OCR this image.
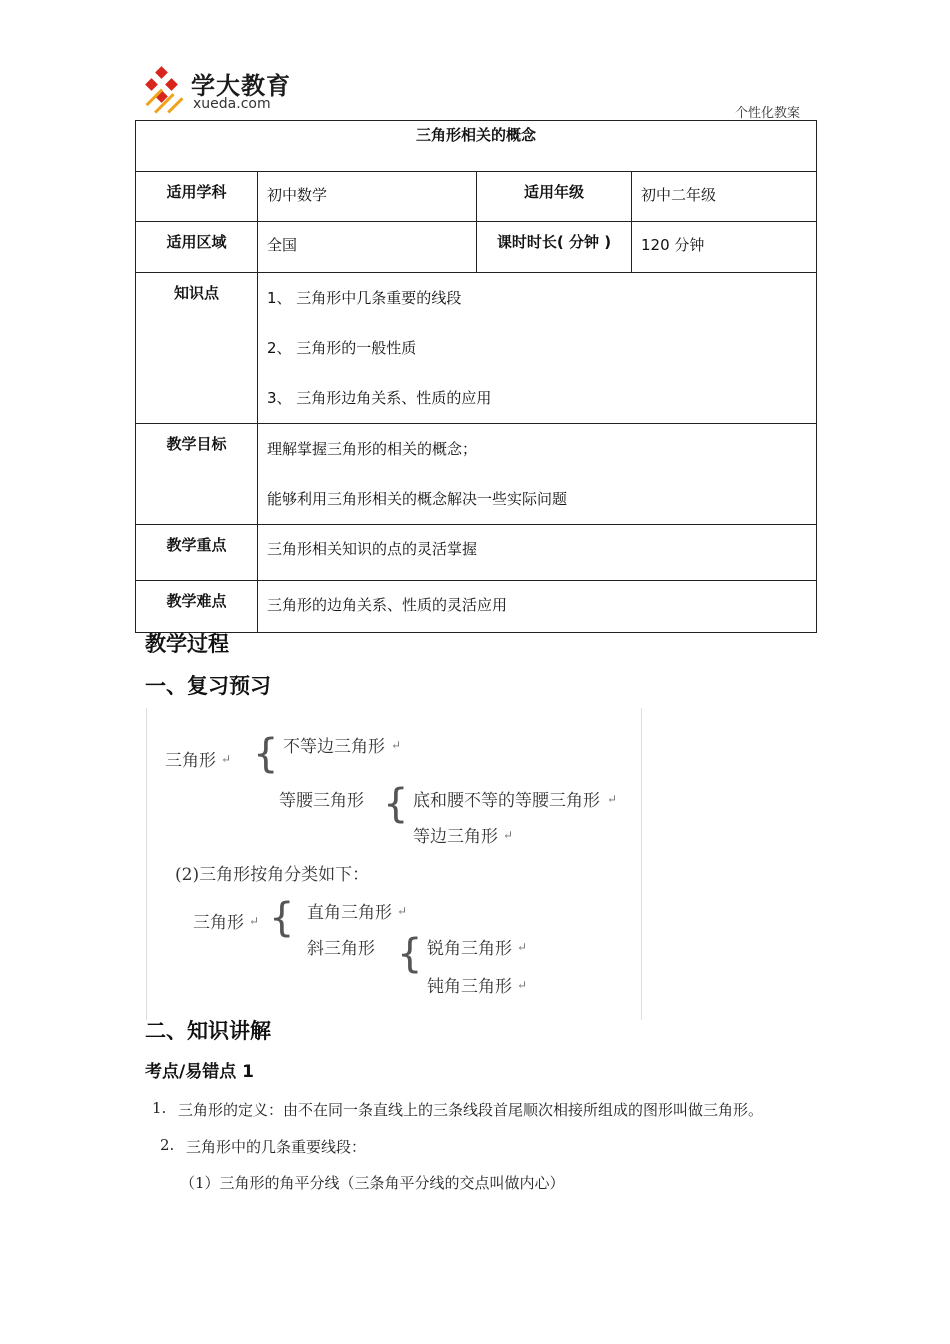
学大教育
xueda.com
个性化教案
三角形相关的概念			
适用学科	初中数学	适用年级	初中二年级
适用区域	全国	课时时长( 分钟 )	120 分钟
知识点	1、 三角形中几条重要的线段

2、 三角形的一般性质

3、 三角形边角关系、性质的应用		

教学目标	理解掌握三角形的相关的概念；

能够利用三角形相关的概念解决一些实际问题		

教学重点	三角形相关知识的点的灵活掌握		
教学难点	三角形的边角关系、性质的灵活应用		
教学过程
一、复习预习
三角形 ↵ { 不等边三角形 ↵
等腰三角形 { 底和腰不等的等腰三角形 ↵
等边三角形 ↵
(2)三角形按角分类如下：
三角形 ↵ { 直角三角形 ↵
斜三角形 { 锐角三角形 ↵
钝角三角形 ↵
二、知识讲解
考点/易错点 1
1. 三角形的定义：由不在同一条直线上的三条线段首尾顺次相接所组成的图形叫做三角形。
2. 三角形中的几条重要线段：
（1）三角形的角平分线（三条角平分线的交点叫做内心）
